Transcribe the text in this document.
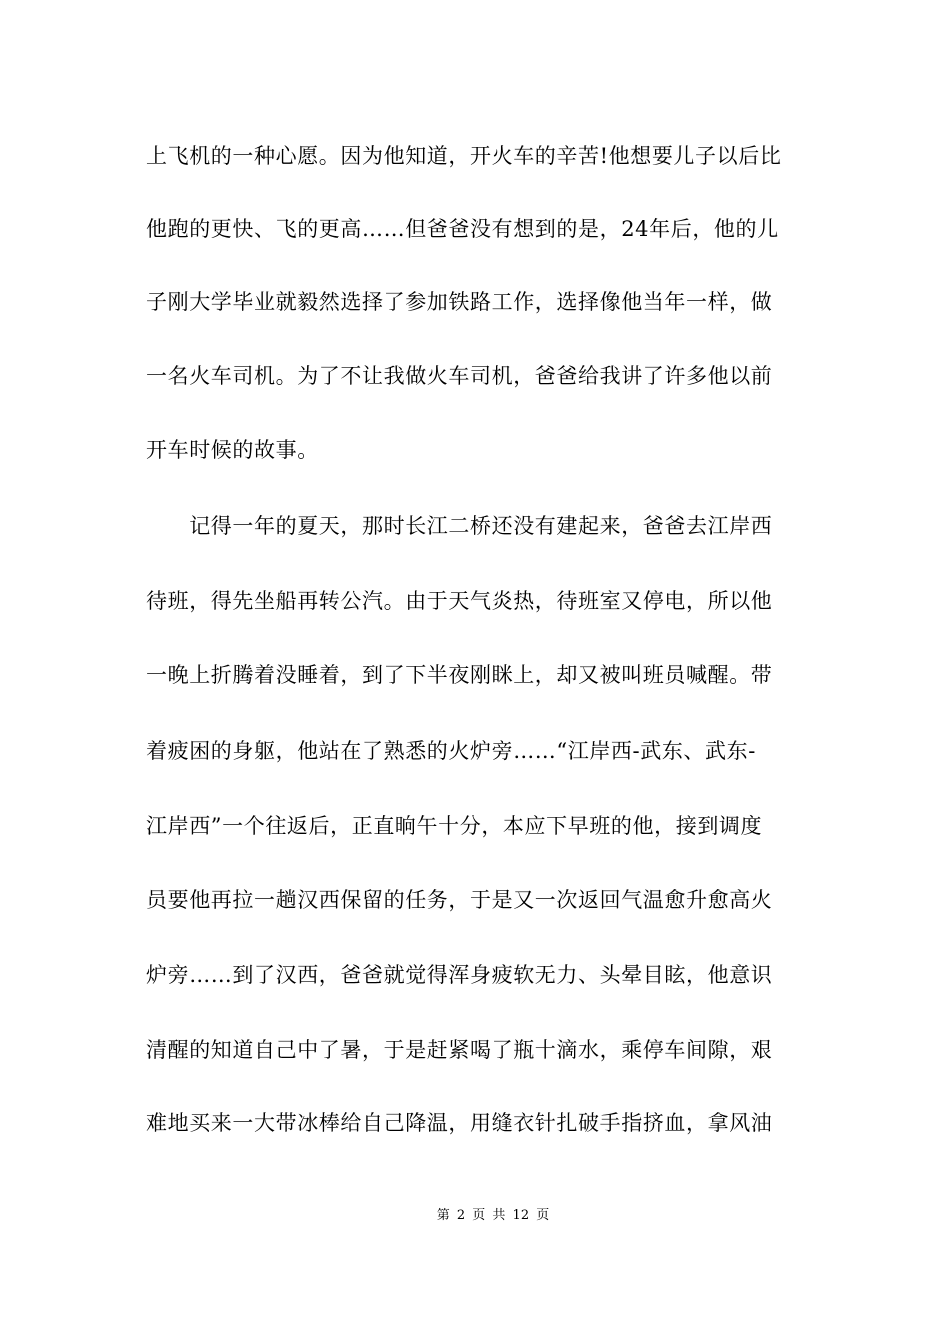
上飞机的一种心愿。因为他知道，开火车的辛苦!他想要儿子以后比
他跑的更快、飞的更高……但爸爸没有想到的是，24年后，他的儿
子刚大学毕业就毅然选择了参加铁路工作，选择像他当年一样，做
一名火车司机。为了不让我做火车司机，爸爸给我讲了许多他以前
开车时候的故事。
　　记得一年的夏天，那时长江二桥还没有建起来，爸爸去江岸西
待班，得先坐船再转公汽。由于天气炎热，待班室又停电，所以他
一晚上折腾着没睡着，到了下半夜刚眯上，却又被叫班员喊醒。带
着疲困的身躯，他站在了熟悉的火炉旁……“江岸西-武东、武东-
江岸西”一个往返后，正直晌午十分，本应下早班的他，接到调度
员要他再拉一趟汉西保留的任务，于是又一次返回气温愈升愈高火
炉旁……到了汉西，爸爸就觉得浑身疲软无力、头晕目眩，他意识
清醒的知道自己中了暑，于是赶紧喝了瓶十滴水，乘停车间隙，艰
难地买来一大带冰棒给自己降温，用缝衣针扎破手指挤血，拿风油
第 2 页 共 12 页
